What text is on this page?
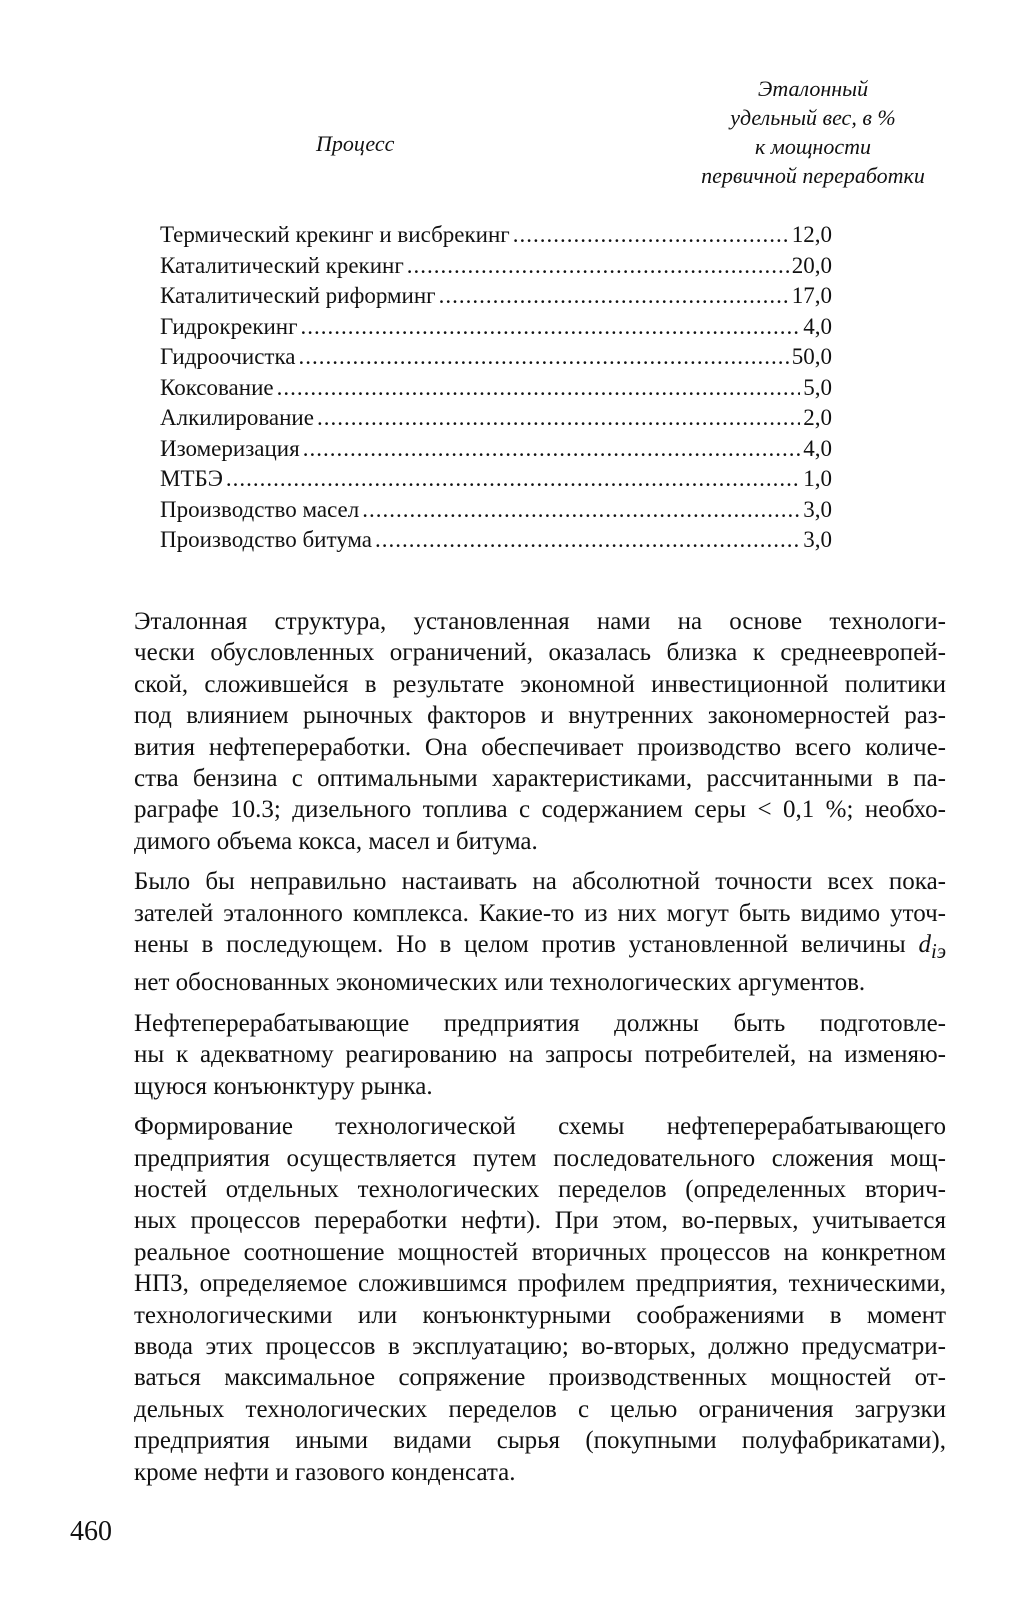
Процесс
Эталонный
удельный вес, в %
к мощности
первичной переработки
Термический крекинг и висбрекинг .....	12,0
Каталитический крекинг .....	20,0
Каталитический риформинг .....	17,0
Гидрокрекинг .....	4,0
Гидроочистка .....	50,0
Коксование .....	5,0
Алкилирование .....	2,0
Изомеризация .....	4,0
МТБЭ .....	1,0
Производство масел .....	3,0
Производство битума .....	3,0

Эталонная структура, установленная нами на основе технологи-
чески обусловленных ограничений, оказалась близка к среднеевропей-
ской, сложившейся в результате экономной инвестиционной политики
под влиянием рыночных факторов и внутренних закономерностей раз-
вития нефтепереработки. Она обеспечивает производство всего количе-
ства бензина с оптимальными характеристиками, рассчитанными в па-
раграфе 10.3; дизельного топлива с содержанием серы < 0,1 %; необхо-
димого объема кокса, масел и битума.

Было бы неправильно настаивать на абсолютной точности всех пока-
зателей эталонного комплекса. Какие-то из них могут быть видимо уточ-
нены в последующем. Но в целом против установленной величины $d_{iэ}$
нет обоснованных экономических или технологических аргументов.

Нефтеперерабатывающие предприятия должны быть подготовле-
ны к адекватному реагированию на запросы потребителей, на изменяю-
щуюся конъюнктуру рынка.

Формирование технологической схемы нефтеперерабатывающего
предприятия осуществляется путем последовательного сложения мощ-
ностей отдельных технологических переделов (определенных вторич-
ных процессов переработки нефти). При этом, во-первых, учитывается
реальное соотношение мощностей вторичных процессов на конкретном
НПЗ, определяемое сложившимся профилем предприятия, техническими,
технологическими или конъюнктурными соображениями в момент
ввода этих процессов в эксплуатацию; во-вторых, должно предусматри-
ваться максимальное сопряжение производственных мощностей от-
дельных технологических переделов с целью ограничения загрузки
предприятия иными видами сырья (покупными полуфабрикатами),
кроме нефти и газового конденсата.

460
